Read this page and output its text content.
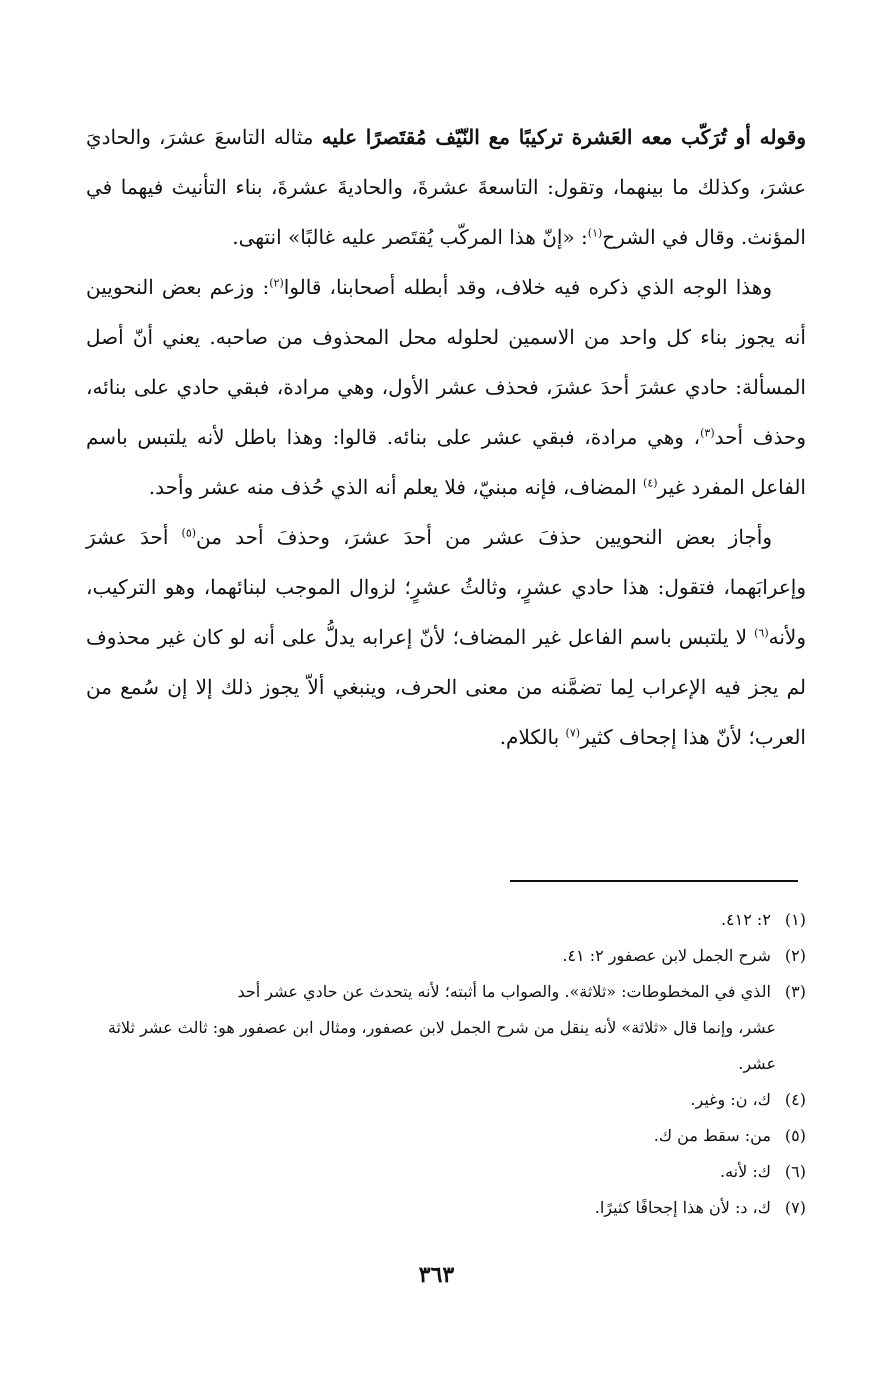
وقوله أو تُرَكّب معه العَشرة تركيبًا مع النّيّف مُقتَصرًا عليه مثاله التاسعَ عشرَ، والحاديَ عشرَ، وكذلك ما بينهما، وتقول: التاسعةَ عشرةَ، والحاديةَ عشرةَ، بناء التأنيث فيهما في المؤنث. وقال في الشرح$^{(١)}$: «إنّ هذا المركّب يُقتَصر عليه غالبًا» انتهى.

وهذا الوجه الذي ذكره فيه خلاف، وقد أبطله أصحابنا، قالوا$^{(٢)}$: وزعم بعض النحويين أنه يجوز بناء كل واحد من الاسمين لحلوله محل المحذوف من صاحبه. يعني أنّ أصل المسألة: حادي عشرَ أحدَ عشرَ، فحذف عشر الأول، وهي مرادة، فبقي حادي على بنائه، وحذف أحد$^{(٣)}$، وهي مرادة، فبقي عشر على بنائه. قالوا: وهذا باطل لأنه يلتبس باسم الفاعل المفرد غير$^{(٤)}$ المضاف، فإنه مبنيّ، فلا يعلم أنه الذي حُذف منه عشر وأحد.

وأجاز بعض النحويين حذفَ عشر من أحدَ عشرَ، وحذفَ أحد من$^{(٥)}$ أحدَ عشرَ وإعرابَهما، فتقول: هذا حادي عشرٍ، وثالثُ عشرٍ؛ لزوال الموجب لبنائهما، وهو التركيب، ولأنه$^{(٦)}$ لا يلتبس باسم الفاعل غير المضاف؛ لأنّ إعرابه يدلُّ على أنه لو كان غير محذوف لم يجز فيه الإعراب لِما تضمَّنه من معنى الحرف، وينبغي ألاّ يجوز ذلك إلا إن سُمع من العرب؛ لأنّ هذا إجحاف كثير$^{(٧)}$ بالكلام.

(١) ٢: ٤١٢.

(٢) شرح الجمل لابن عصفور ٢: ٤١.

(٣) الذي في المخطوطات: «ثلاثة». والصواب ما أثبته؛ لأنه يتحدث عن حادي عشر أحد

عشر، وإنما قال «ثلاثة» لأنه ينقل من شرح الجمل لابن عصفور، ومثال ابن عصفور هو: ثالث عشر ثلاثة عشر.

(٤) ك، ن: وغير.

(٥) من: سقط من ك.

(٦) ك: لأنه.

(٧) ك، د: لأن هذا إجحافًا كثيرًا.

٣٦٣
